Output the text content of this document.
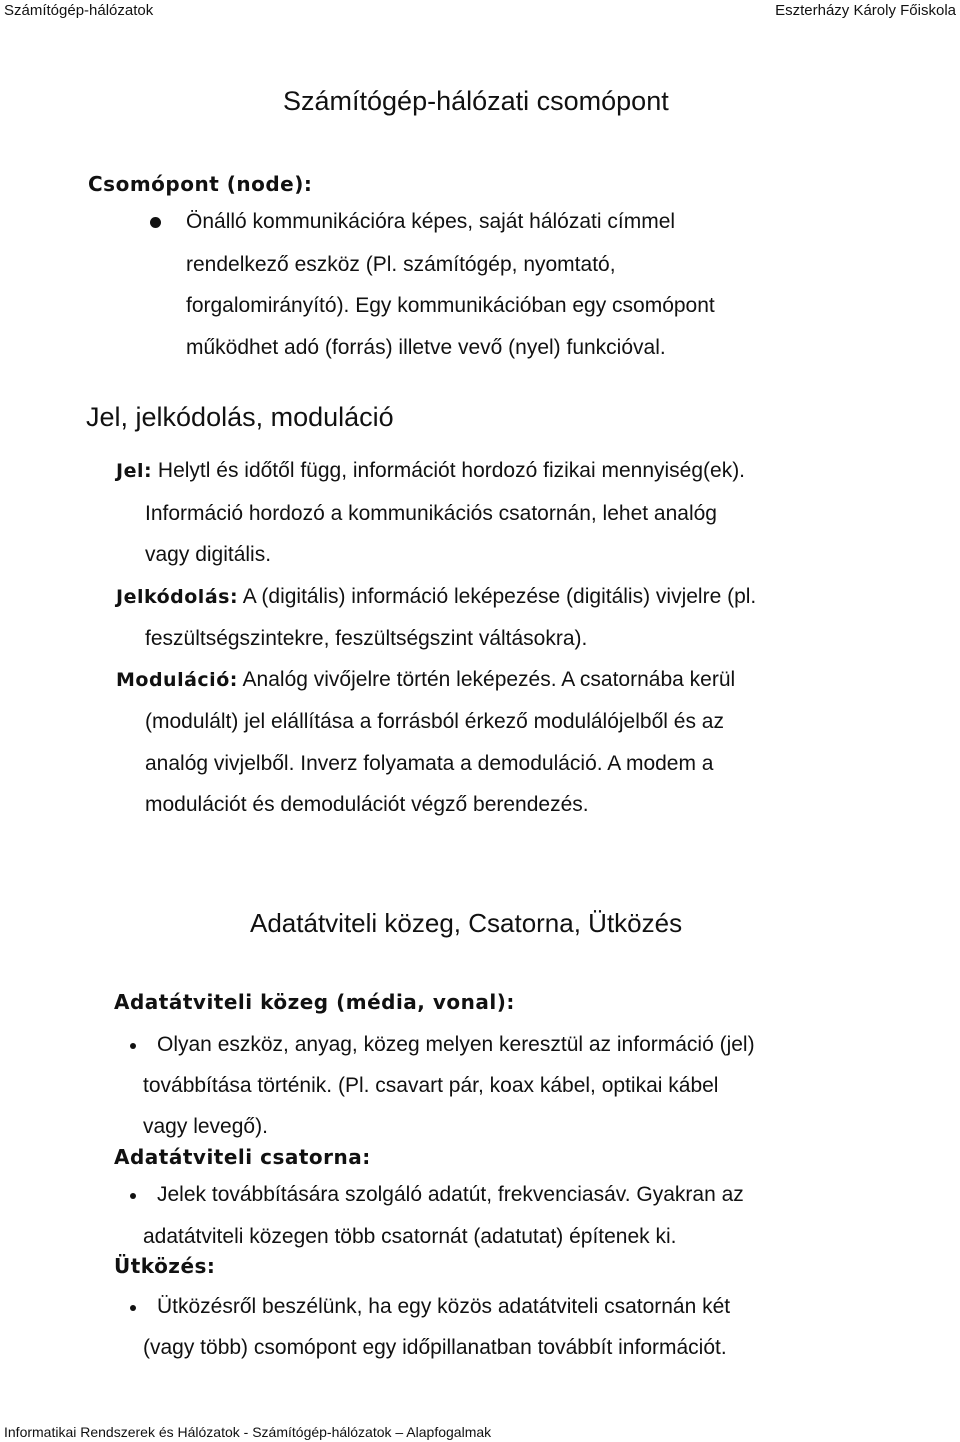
Számítógép-hálózatok	Eszterházy Károly Főiskola
Számítógép-hálózati csomópont
Csomópont (node):
Önálló kommunikációra képes, saját hálózati címmel
rendelkező eszköz (Pl. számítógép, nyomtató,
forgalomirányító). Egy kommunikációban egy csomópont
működhet adó (forrás) illetve vevő (nyel) funkcióval.
Jel, jelkódolás, moduláció
Jel: Helytl és időtől függ, információt hordozó fizikai mennyiség(ek).
Információ hordozó a kommunikációs csatornán, lehet analóg
vagy digitális.
Jelkódolás: A (digitális) információ leképezése (digitális) vivjelre (pl.
feszültségszintekre, feszültségszint váltásokra).
Moduláció: Analóg vivőjelre történ leképezés. A csatornába kerül
(modulált) jel elállítása a forrásból érkező modulálójelből és az
analóg vivjelből. Inverz folyamata a demoduláció. A modem a
modulációt és demodulációt végző berendezés.
Adatátviteli közeg, Csatorna, Ütközés
Adatátviteli közeg (média, vonal):
Olyan eszköz, anyag, közeg melyen keresztül az információ (jel)
továbbítása történik. (Pl. csavart pár, koax kábel, optikai kábel
vagy levegő).
Adatátviteli csatorna:
Jelek továbbítására szolgáló adatút, frekvenciasáv. Gyakran az
adatátviteli közegen több csatornát (adatutat) építenek ki.
Ütközés:
Ütközésről beszélünk, ha egy közös adatátviteli csatornán két
(vagy több) csomópont egy időpillanatban továbbít információt.
Informatikai Rendszerek és Hálózatok - Számítógép-hálózatok – Alapfogalmak
